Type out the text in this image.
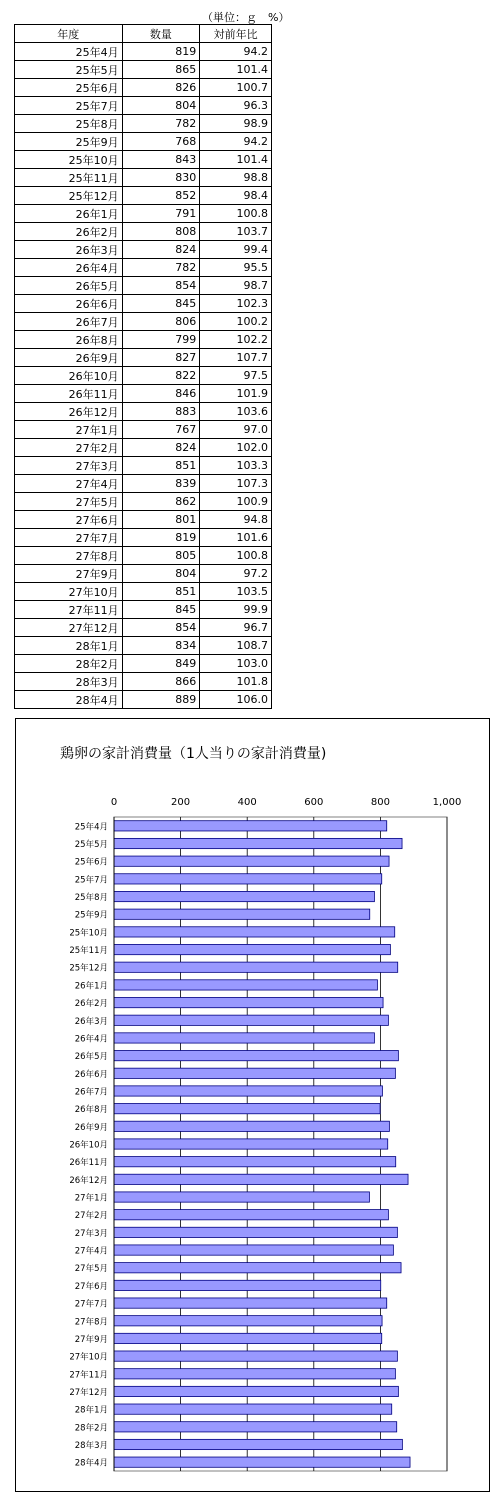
（単位：ｇ　%）
年度	数量	対前年比
25年4月	819	94.2
25年5月	865	101.4
25年6月	826	100.7
25年7月	804	96.3
25年8月	782	98.9
25年9月	768	94.2
25年10月	843	101.4
25年11月	830	98.8
25年12月	852	98.4
26年1月	791	100.8
26年2月	808	103.7
26年3月	824	99.4
26年4月	782	95.5
26年5月	854	98.7
26年6月	845	102.3
26年7月	806	100.2
26年8月	799	102.2
26年9月	827	107.7
26年10月	822	97.5
26年11月	846	101.9
26年12月	883	103.6
27年1月	767	97.0
27年2月	824	102.0
27年3月	851	103.3
27年4月	839	107.3
27年5月	862	100.9
27年6月	801	94.8
27年7月	819	101.6
27年8月	805	100.8
27年9月	804	97.2
27年10月	851	103.5
27年11月	845	99.9
27年12月	854	96.7
28年1月	834	108.7
28年2月	849	103.0
28年3月	866	101.8
28年4月	889	106.0
鶏卵の家計消費量（1人当りの家計消費量)
0	200	400	600	800	1,000
25年4月
25年5月
25年6月
25年7月
25年8月
25年9月
25年10月
25年11月
25年12月
26年1月
26年2月
26年3月
26年4月
26年5月
26年6月
26年7月
26年8月
26年9月
26年10月
26年11月
26年12月
27年1月
27年2月
27年3月
27年4月
27年5月
27年6月
27年7月
27年8月
27年9月
27年10月
27年11月
27年12月
28年1月
28年2月
28年3月
28年4月
